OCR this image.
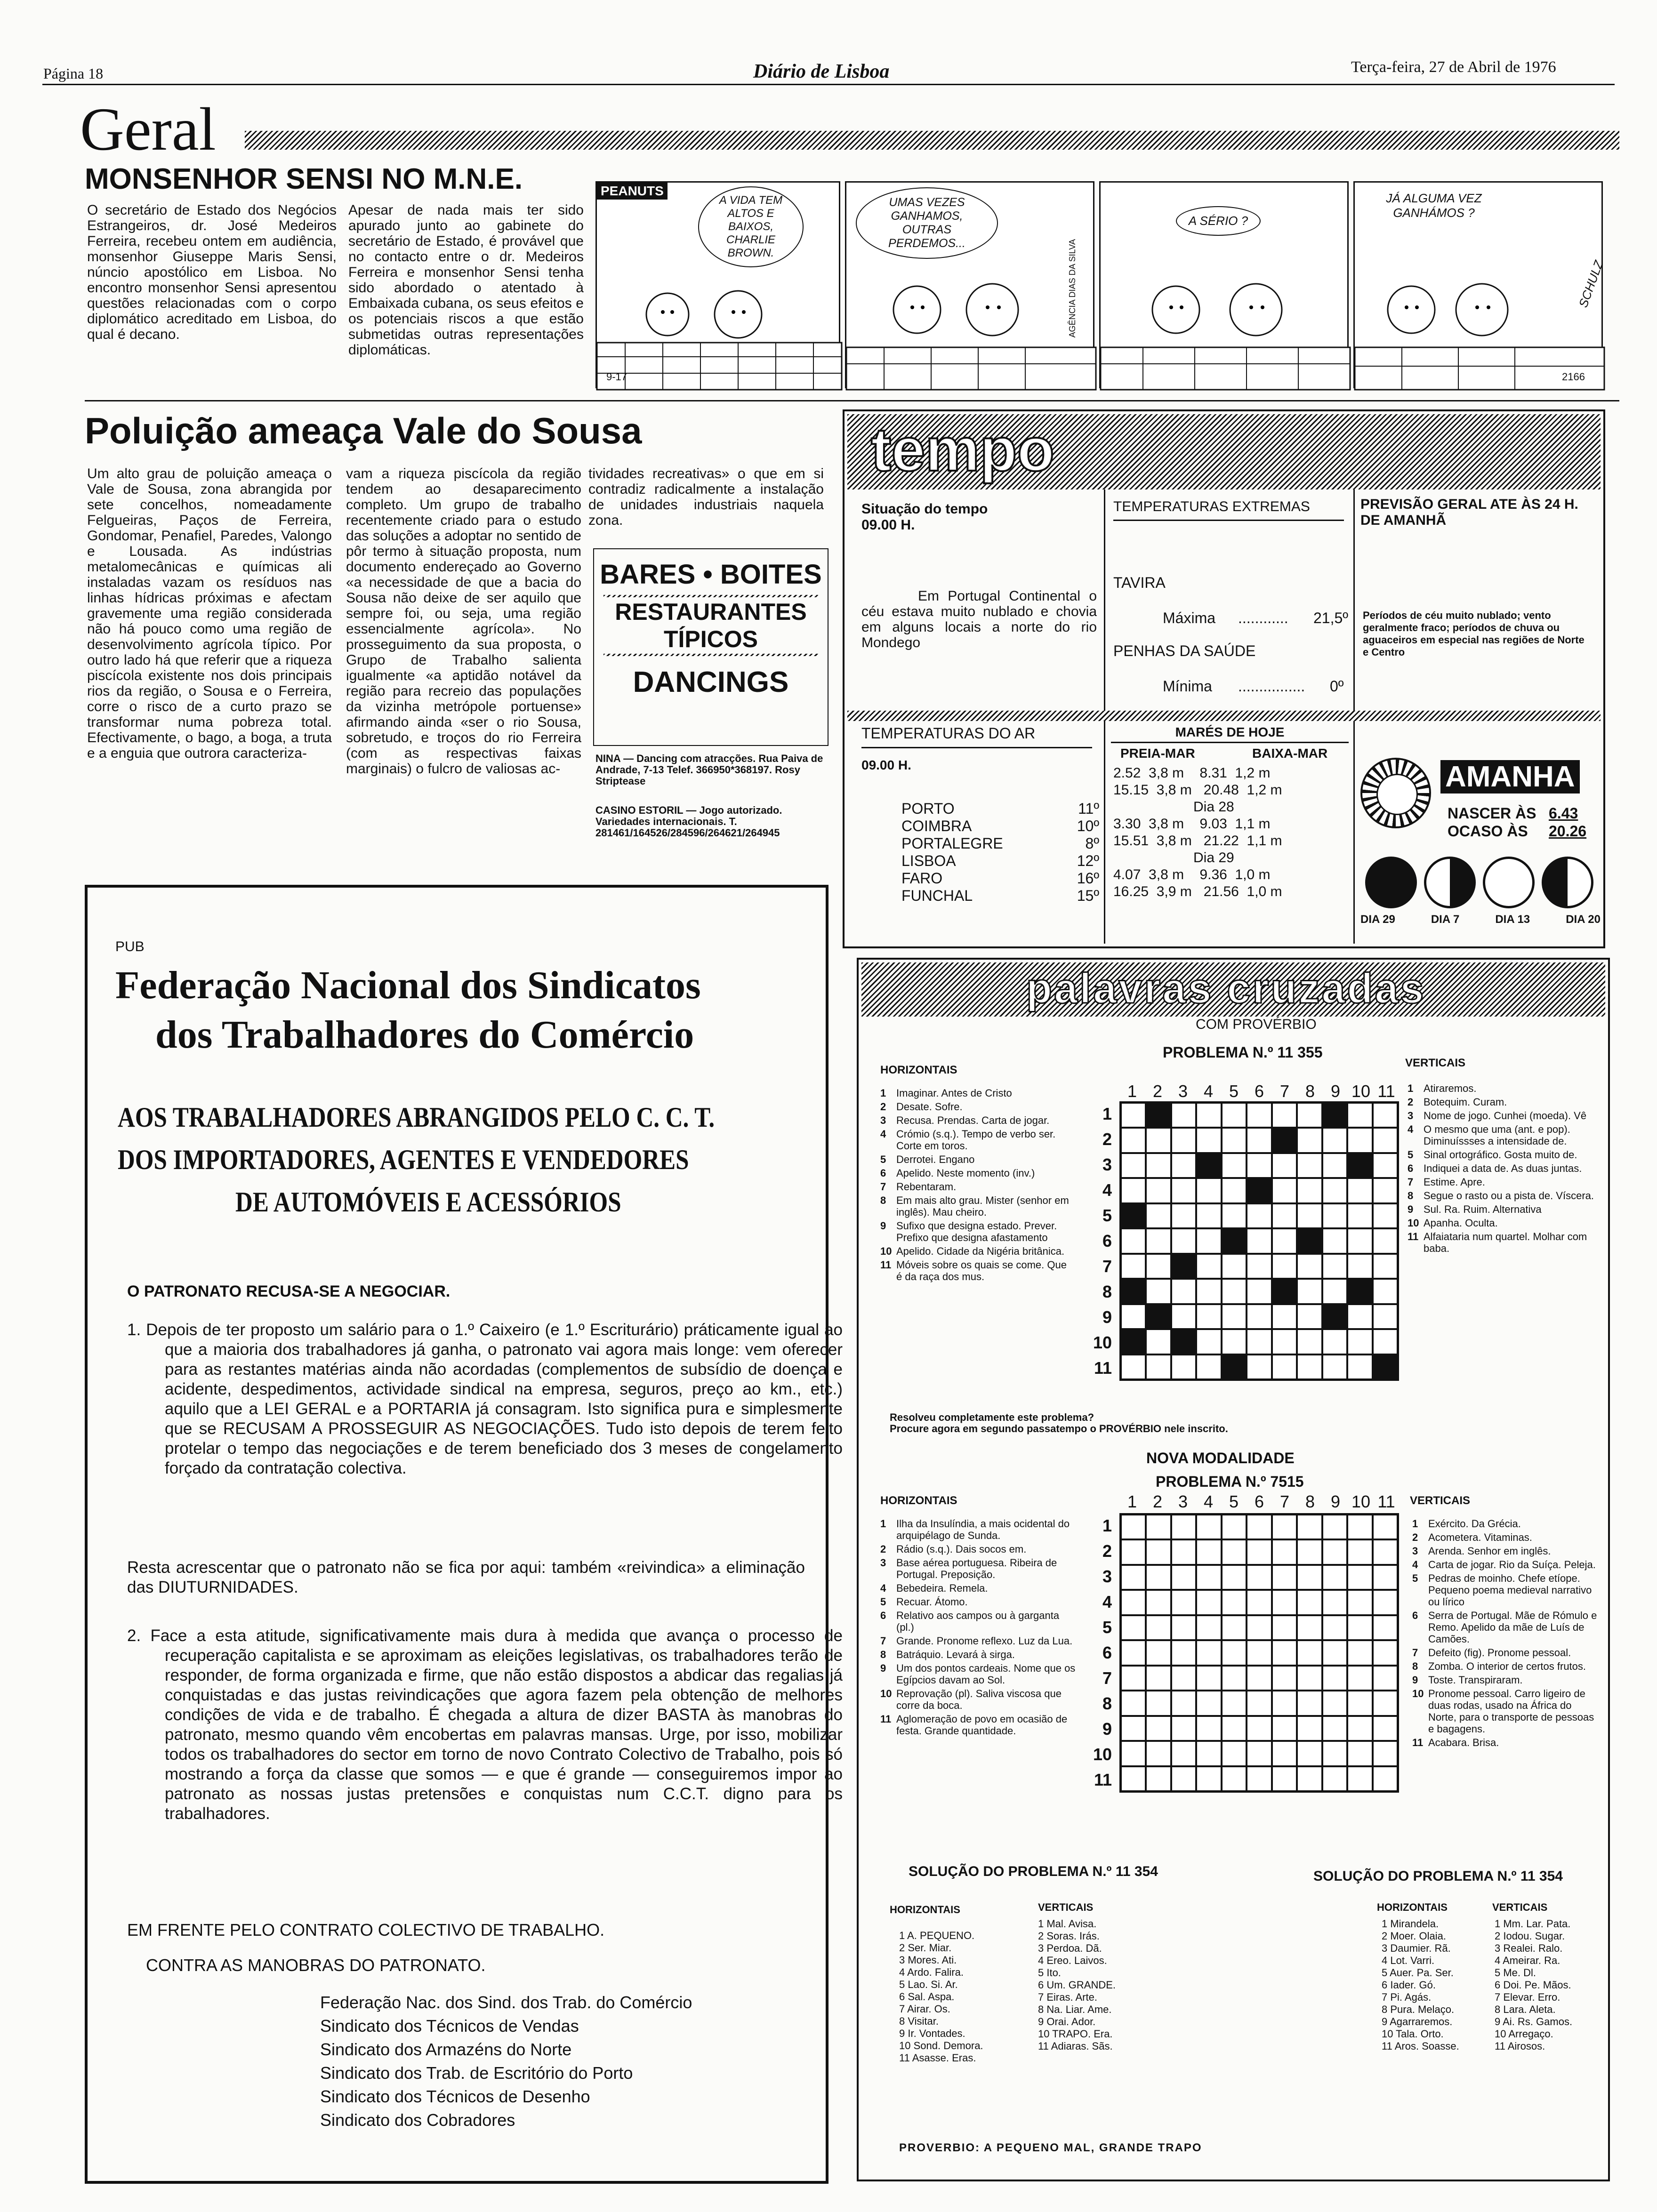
Página 18	Diário de Lisboa	Terça-feira, 27 de Abril de 1976
Geral
MONSENHOR SENSI NO M.N.E.

O secretário de Estado dos Negócios Estrangeiros, dr. José Medeiros Ferreira, recebeu ontem em audiência, monsenhor Giuseppe Maris Sensi, núncio apostólico em Lisboa. No encontro monsenhor Sensi apresentou questões relacionadas com o corpo diplomático acreditado em Lisboa, do qual é decano.

Apesar de nada mais ter sido apurado junto ao gabinete do secretário de Estado, é provável que no contacto entre o dr. Medeiros Ferreira e monsenhor Sensi tenha sido abordado o atentado à Embaixada cubana, os seus efeitos e os potenciais riscos a que estão submetidas outras representações diplomáticas.

PEANUTS
A VIDA TEM ALTOS E BAIXOS, CHARLIE BROWN.
9-17
UMAS VEZES GANHAMOS, OUTRAS PERDEMOS...	AGÊNCIA DIAS DA SILVA
A SÉRIO ?
JÁ ALGUMA VEZ GANHÁMOS ?
SCHULZ
2166
Poluição ameaça Vale do Sousa

Um alto grau de poluição ameaça o Vale de Sousa, zona abrangida por sete concelhos, nomeadamente Felgueiras, Paços de Ferreira, Gondomar, Penafiel, Paredes, Valongo e Lousada. As indústrias metalomecânicas e químicas ali instaladas vazam os resíduos nas linhas hídricas próximas e afectam gravemente uma região considerada não há pouco como uma região de desenvolvimento agrícola típico. Por outro lado há que referir que a riqueza piscícola existente nos dois principais rios da região, o Sousa e o Ferreira, corre o risco de a curto prazo se transformar numa pobreza total. Efectivamente, o bago, a boga, a truta e a enguia que outrora caracteriza-

vam a riqueza piscícola da região tendem ao desaparecimento completo. Um grupo de trabalho recentemente criado para o estudo das soluções a adoptar no sentido de pôr termo à situação proposta, num documento endereçado ao Governo «a necessidade de que a bacia do Sousa não deixe de ser aquilo que sempre foi, ou seja, uma região essencialmente agrícola». No prosseguimento da sua proposta, o Grupo de Trabalho salienta igualmente «a aptidão notável da região para recreio das populações da vizinha metrópole portuense» afirmando ainda «ser o rio Sousa, sobretudo, e troços do rio Ferreira (com as respectivas faixas marginais) o fulcro de valiosas ac-

tividades recreativas» o que em si contradiz radicalmente a instalação de unidades industriais naquela zona.

BARES • BOITES
RESTAURANTES TÍPICOS
DANCINGS
NINA — Dancing com atracções. Rua Paiva de Andrade, 7-13 Telef. 366950*368197. Rosy Striptease
CASINO ESTORIL — Jogo autorizado. Variedades internacionais. T. 281461/164526/284596/264621/264945
tempo
Situação do tempo 09.00 H.
Em Portugal Continental o céu estava muito nublado e chovia em alguns locais a norte do rio Mondego
TEMPERATURAS EXTREMAS
TAVIRA
Máxima ............ 21,5º
PENHAS DA SAÚDE
Mínima ................ 0º
PREVISÃO GERAL ATE ÀS 24 H. DE AMANHÃ
Períodos de céu muito nublado; vento geralmente fraco; períodos de chuva ou aguaceiros em especial nas regiões de Norte e Centro
TEMPERATURAS DO AR
09.00 H.
PORTO	11º
COIMBRA	10º
PORTALEGRE	8º
LISBOA	12º
FARO	16º
FUNCHAL	15º
MARÉS DE HOJE
PREIA-MAR	BAIXA-MAR
2.52  3,8 m    8.31  1,2 m
15.15  3,8 m   20.48  1,2 m
Dia 28
3.30  3,8 m    9.03  1,1 m
15.51  3,8 m   21.22  1,1 m
Dia 29
4.07  3,8 m    9.36  1,0 m
16.25  3,9 m   21.56  1,0 m
AMANHA
NASCER ÀS 6.43
OCASO ÀS 20.26
DIA 29	DIA 7	DIA 13	DIA 20
PUB
Federação Nacional dos Sindicatos
dos Trabalhadores do Comércio
AOS TRABALHADORES ABRANGIDOS PELO C. C. T.
DOS IMPORTADORES, AGENTES E VENDEDORES
DE AUTOMÓVEIS E ACESSÓRIOS
O PATRONATO RECUSA-SE A NEGOCIAR.

1. Depois de ter proposto um salário para o 1.º Caixeiro (e 1.º Escriturário) práticamente igual ao que a maioria dos trabalhadores já ganha, o patronato vai agora mais longe: vem oferecer para as restantes matérias ainda não acordadas (complementos de subsídio de doença e acidente, despedimentos, actividade sindical na empresa, seguros, preço ao km., etc.) aquilo que a LEI GERAL e a PORTARIA já consagram. Isto significa pura e simplesmente que se RECUSAM A PROSSEGUIR AS NEGOCIAÇÕES. Tudo isto depois de terem feito protelar o tempo das negociações e de terem beneficiado dos 3 meses de congelamento forçado da contratação colectiva.

Resta acrescentar que o patronato não se fica por aqui: também «reivindica» a eliminação das DIUTURNIDADES.

2. Face a esta atitude, significativamente mais dura à medida que avança o processo de recuperação capitalista e se aproximam as eleições legislativas, os trabalhadores terão de responder, de forma organizada e firme, que não estão dispostos a abdicar das regalias já conquistadas e das justas reivindicações que agora fazem pela obtenção de melhores condições de vida e de trabalho. É chegada a altura de dizer BASTA às manobras do patronato, mesmo quando vêm encobertas em palavras mansas. Urge, por isso, mobilizar todos os trabalhadores do sector em torno de novo Contrato Colectivo de Trabalho, pois só mostrando a força da classe que somos — e que é grande — conseguiremos impor ao patronato as nossas justas pretensões e conquistas num C.C.T. digno para os trabalhadores.

EM FRENTE PELO CONTRATO COLECTIVO DE TRABALHO.
CONTRA AS MANOBRAS DO PATRONATO.
Federação Nac. dos Sind. dos Trab. do Comércio
Sindicato dos Técnicos de Vendas
Sindicato dos Armazéns do Norte
Sindicato dos Trab. de Escritório do Porto
Sindicato dos Técnicos de Desenho
Sindicato dos Cobradores
palavras cruzadas
COM PROVÉRBIO
PROBLEMA N.º 11 355
HORIZONTAIS
VERTICAIS
1 Imaginar. Antes de Cristo
2 Desate. Sofre.
3 Recusa. Prendas. Carta de jogar.
4 Crómio (s.q.). Tempo de verbo ser. Corte em toros.
5 Derrotei. Engano
6 Apelido. Neste momento (inv.)
7 Rebentaram.
8 Em mais alto grau. Mister (senhor em inglês). Mau cheiro.
9 Sufixo que designa estado. Prever. Prefixo que designa afastamento
10 Apelido. Cidade da Nigéria britânica.
11 Móveis sobre os quais se come. Que é da raça dos mus.
1 Atiraremos.
2 Botequim. Curam.
3 Nome de jogo. Cunhei (moeda). Vê
4 O mesmo que uma (ant. e pop). Diminuíssses a intensidade de.
5 Sinal ortográfico. Gosta muito de.
6 Indiquei a data de. As duas juntas.
7 Estime. Apre.
8 Segue o rasto ou a pista de. Víscera.
9 Sul. Ra. Ruim. Alternativa
10 Apanha. Oculta.
11 Alfaiataria num quartel. Molhar com baba.
1 2 3 4 5 6 7 8 9 10 11
1
2
3
4
5
6
7
8
9
10
11
Resolveu completamente este problema?
Procure agora em segundo passatempo o PROVÉRBIO nele inscrito.
NOVA MODALIDADE
PROBLEMA N.º 7515
HORIZONTAIS	VERTICAIS
1 2 3 4 5 6 7 8 9 10 11
1
2
3
4
5
6
7
8
9
10
11
1 Ilha da Insulíndia, a mais ocidental do arquipélago de Sunda.
2 Rádio (s.q.). Dais socos em.
3 Base aérea portuguesa. Ribeira de Portugal. Preposição.
4 Bebedeira. Remela.
5 Recuar. Átomo.
6 Relativo aos campos ou à garganta (pl.)
7 Grande. Pronome reflexo. Luz da Lua.
8 Batráquio. Levará à sirga.
9 Um dos pontos cardeais. Nome que os Egípcios davam ao Sol.
10 Reprovação (pl). Saliva viscosa que corre da boca.
11 Aglomeração de povo em ocasião de festa. Grande quantidade.
1 Exército. Da Grécia.
2 Acometera. Vitaminas.
3 Arenda. Senhor em inglês.
4 Carta de jogar. Rio da Suíça. Peleja.
5 Pedras de moinho. Chefe etíope. Pequeno poema medieval narrativo ou lírico
6 Serra de Portugal. Mãe de Rómulo e Remo. Apelido da mãe de Luís de Camões.
7 Defeito (fig). Pronome pessoal.
8 Zomba. O interior de certos frutos.
9 Toste. Transpiraram.
10 Pronome pessoal. Carro ligeiro de duas rodas, usado na África do Norte, para o transporte de pessoas e bagagens.
11 Acabara. Brisa.
SOLUÇÃO DO PROBLEMA N.º 11 354	SOLUÇÃO DO PROBLEMA N.º 11 354
HORIZONTAIS	VERTICAIS	HORIZONTAIS	VERTICAIS
1 A. PEQUENO.
2 Ser. Miar.
3 Mores. Ati.
4 Ardo. Falira.
5 Lao. Si. Ar.
6 Sal. Aspa.
7 Airar. Os.
8 Visitar.
9 Ir. Vontades.
10 Sond. Demora.
11 Asasse. Eras.
1 Mal. Avisa.
2 Soras. Irás.
3 Perdoa. Dã.
4 Ereo. Laivos.
5 Ito.
6 Um. GRANDE.
7 Eiras. Arte.
8 Na. Liar. Ame.
9 Orai. Ador.
10 TRAPO. Era.
11 Adiaras. Sãs.
1 Mirandela.
2 Moer. Olaia.
3 Daumier. Rã.
4 Lot. Varri.
5 Auer. Pa. Ser.
6 Iader. Gó.
7 Pi. Agás.
8 Pura. Melaço.
9 Agarraremos.
10 Tala. Orto.
11 Aros. Soasse.
1 Mm. Lar. Pata.
2 Iodou. Sugar.
3 Realei. Ralo.
4 Ameirar. Ra.
5 Me. Dl.
6 Doi. Pe. Mãos.
7 Elevar. Erro.
8 Lara. Aleta.
9 Ai. Rs. Gamos.
10 Arregaço.
11 Airosos.
PROVERBIO: A PEQUENO MAL, GRANDE TRAPO
